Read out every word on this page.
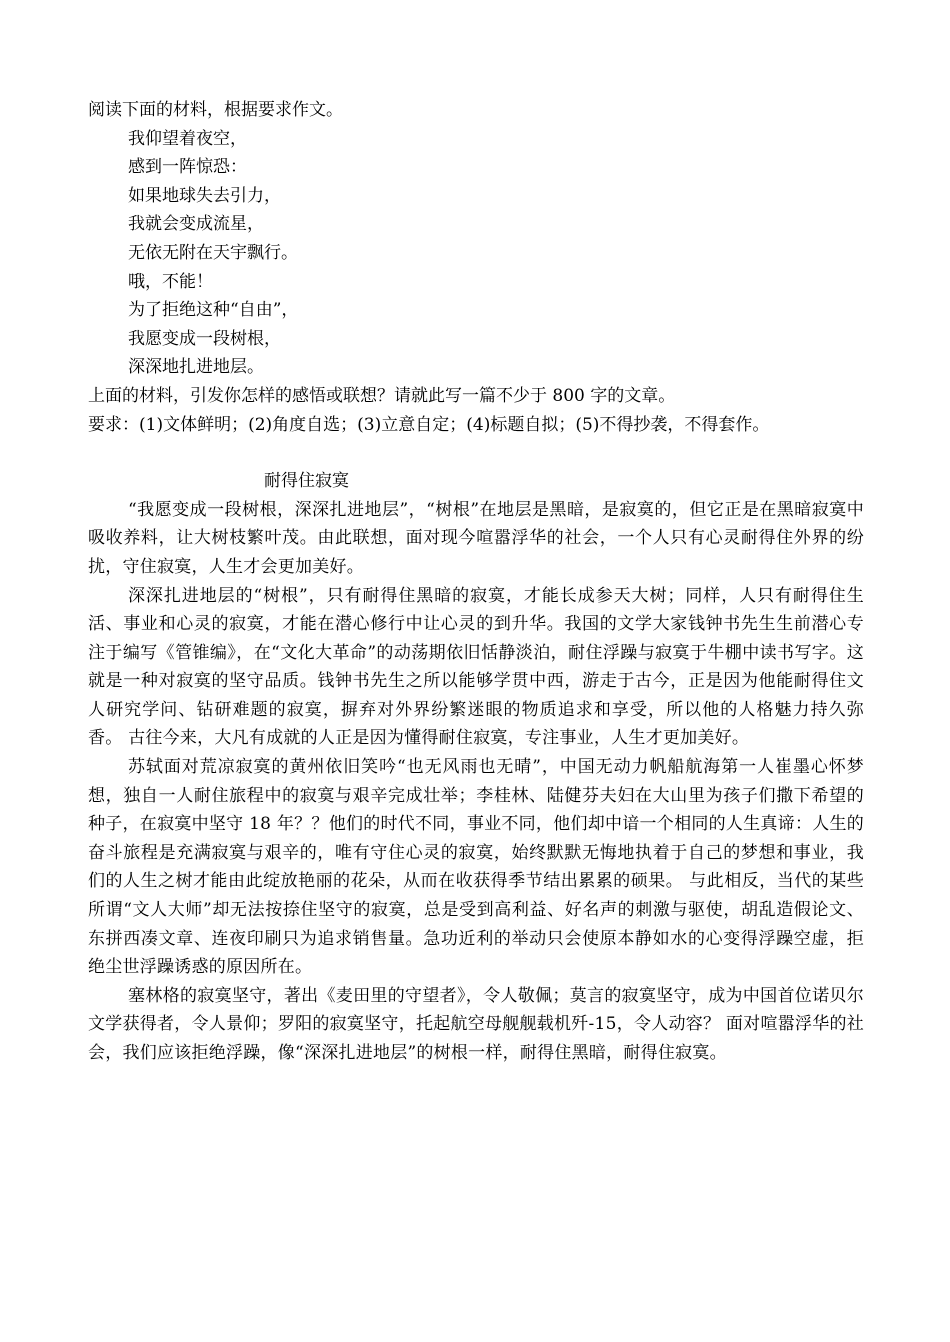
阅读下面的材料，根据要求作文。

我仰望着夜空，

感到一阵惊恐：

如果地球失去引力，

我就会变成流星，

无依无附在天宇飘行。

哦，不能！

为了拒绝这种“自由”，

我愿变成一段树根，

深深地扎进地层。

上面的材料，引发你怎样的感悟或联想？请就此写一篇不少于 800 字的文章。

要求：(1)文体鲜明；(2)角度自选；(3)立意自定；(4)标题自拟；(5)不得抄袭，不得套作。

耐得住寂寞

“我愿变成一段树根，深深扎进地层”，“树根”在地层是黑暗，是寂寞的，但它正是在黑暗寂寞中吸收养料，让大树枝繁叶茂。由此联想，面对现今喧嚣浮华的社会，一个人只有心灵耐得住外界的纷扰，守住寂寞，人生才会更加美好。

深深扎进地层的“树根”，只有耐得住黑暗的寂寞，才能长成参天大树；同样，人只有耐得住生活、事业和心灵的寂寞，才能在潜心修行中让心灵的到升华。我国的文学大家钱钟书先生生前潜心专注于编写《管锥编》，在“文化大革命”的动荡期依旧恬静淡泊，耐住浮躁与寂寞于牛棚中读书写字。这就是一种对寂寞的坚守品质。钱钟书先生之所以能够学贯中西，游走于古今，正是因为他能耐得住文人研究学问、钻研难题的寂寞，摒弃对外界纷繁迷眼的物质追求和享受，所以他的人格魅力持久弥香。 古往今来，大凡有成就的人正是因为懂得耐住寂寞，专注事业，人生才更加美好。

苏轼面对荒凉寂寞的黄州依旧笑吟“也无风雨也无晴”，中国无动力帆船航海第一人崔墨心怀梦想，独自一人耐住旅程中的寂寞与艰辛完成壮举；李桂林、陆健芬夫妇在大山里为孩子们撒下希望的种子，在寂寞中坚守 18 年？？他们的时代不同，事业不同，他们却中谙一个相同的人生真谛：人生的奋斗旅程是充满寂寞与艰辛的，唯有守住心灵的寂寞，始终默默无悔地执着于自己的梦想和事业，我们的人生之树才能由此绽放艳丽的花朵，从而在收获得季节结出累累的硕果。 与此相反，当代的某些所谓“文人大师”却无法按捺住坚守的寂寞，总是受到高利益、好名声的刺激与驱使，胡乱造假论文、东拼西凑文章、连夜印刷只为追求销售量。急功近利的举动只会使原本静如水的心变得浮躁空虚，拒绝尘世浮躁诱惑的原因所在。

塞林格的寂寞坚守，著出《麦田里的守望者》，令人敬佩；莫言的寂寞坚守，成为中国首位诺贝尔文学获得者，令人景仰；罗阳的寂寞坚守，托起航空母舰舰载机歼-15，令人动容？ 面对喧嚣浮华的社会，我们应该拒绝浮躁，像“深深扎进地层”的树根一样，耐得住黑暗，耐得住寂寞。
